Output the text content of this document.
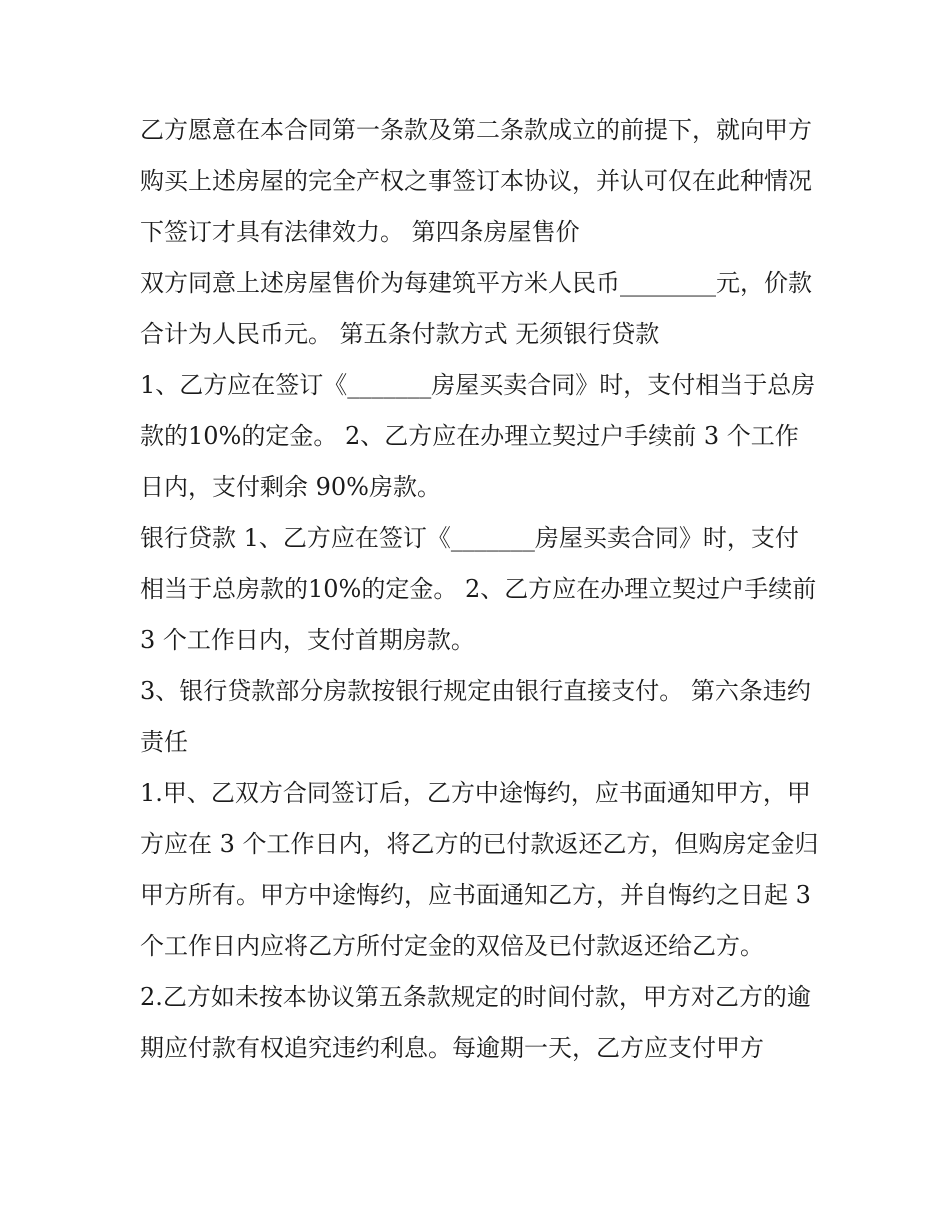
乙方愿意在本合同第一条款及第二条款成立的前提下，就向甲方购买上述房屋的完全产权之事签订本协议，并认可仅在此种情况下签订才具有法律效力。 第四条房屋售价

双方同意上述房屋售价为每建筑平方米人民币________元，价款合计为人民币元。 第五条付款方式 无须银行贷款

1、乙方应在签订《_______房屋买卖合同》时，支付相当于总房款的10%的定金。 2、乙方应在办理立契过户手续前 3 个工作日内，支付剩余 90%房款。

银行贷款 1、乙方应在签订《_______房屋买卖合同》时，支付相当于总房款的10%的定金。 2、乙方应在办理立契过户手续前 3 个工作日内，支付首期房款。

3、银行贷款部分房款按银行规定由银行直接支付。 第六条违约责任

1.甲、乙双方合同签订后，乙方中途悔约，应书面通知甲方，甲方应在 3 个工作日内，将乙方的已付款返还乙方，但购房定金归甲方所有。甲方中途悔约，应书面通知乙方，并自悔约之日起 3 个工作日内应将乙方所付定金的双倍及已付款返还给乙方。

2.乙方如未按本协议第五条款规定的时间付款，甲方对乙方的逾期应付款有权追究违约利息。每逾期一天，乙方应支付甲方
